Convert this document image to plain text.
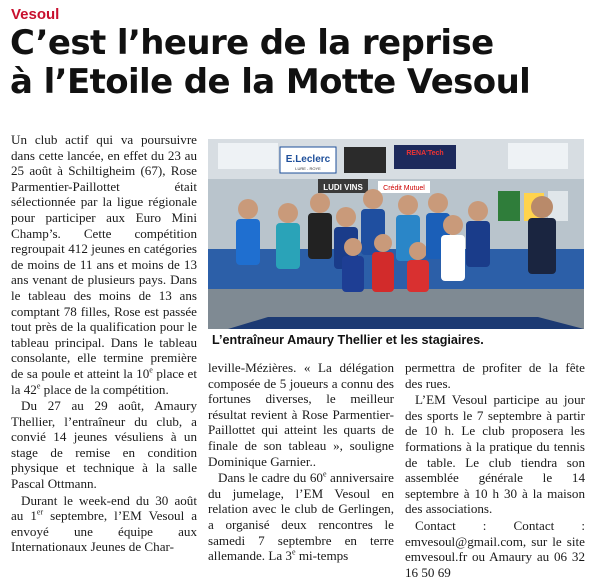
Vesoul
C’est l’heure de la reprise
à l’Etoile de la Motte Vesoul

Un club actif qui va poursuivre dans cette lancée, en effet du 23 au 25 août à Schiltigheim (67), Rose Parmentier-Paillottet était sélectionnée par la ligue régionale pour participer aux Euro Mini Champ’s. Cette compétition regroupait 412 jeunes en catégories de moins de 11 ans et moins de 13 ans venant de plusieurs pays. Dans le tableau des moins de 13 ans comptant 78 filles, Rose est passée tout près de la qualification pour le tableau principal. Dans le tableau consolante, elle termine première de sa poule et atteint la 10e place et la 42e place de la compétition.

Du 27 au 29 août, Amaury Thellier, l’entraîneur du club, a convié 14 jeunes vésuliens à un stage de remise en condition physique et technique à la salle Pascal Ottmann.

Durant le week-end du 30 août au 1er septembre, l’EM Vesoul a envoyé une équipe aux Internationaux Jeunes de Char-

E.Leclerc
LURE - ROYE
RENA'Tech
LUDI VINS	Crédit Mutuel
L’entraîneur Amaury Thellier et les stagiaires.

leville-Mézières. « La délégation composée de 5 joueurs a connu des fortunes diverses, le meilleur résultat revient à Rose Parmentier-Paillottet qui atteint les quarts de finale de son tableau », souligne Dominique Garnier..

Dans le cadre du 60e anniversaire du jumelage, l’EM Vesoul en relation avec le club de Gerlingen, a organisé deux rencontres le samedi 7 septembre en terre allemande. La 3e mi-temps

permettra de profiter de la fête des rues.

L’EM Vesoul participe au jour des sports le 7 septembre à partir de 10 h. Le club proposera les formations à la pratique du tennis de table. Le club tiendra son assemblée générale le 14 septembre à 10 h 30 à la maison des associations.

Contact : Contact : emvesoul@gmail.com, sur le site emvesoul.fr ou Amaury au 06 32 16 50 69
